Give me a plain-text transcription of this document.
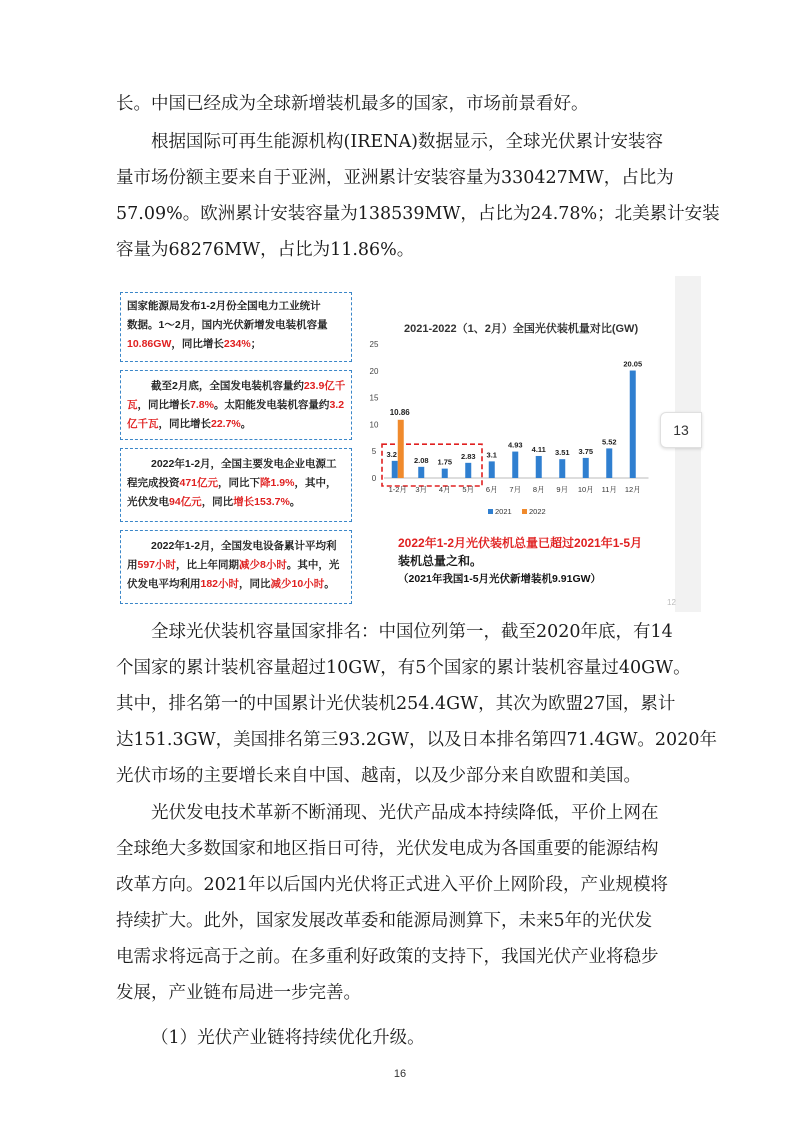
长。中国已经成为全球新增装机最多的国家，市场前景看好。
根据国际可再生能源机构(IRENA)数据显示，全球光伏累计安装容
量市场份额主要来自于亚洲，亚洲累计安装容量为330427MW，占比为
57.09%。欧洲累计安装容量为138539MW，占比为24.78%；北美累计安装
容量为68276MW，占比为11.86%。
13
12
国家能源局发布1-2月份全国电力工业统计
数据。1～2月，国内光伏新增发电装机容量
10.86GW，同比增长234%；
截至2月底，全国发电装机容量约23.9亿千
瓦，同比增长7.8%。太阳能发电装机容量约3.2
亿千瓦，同比增长22.7%。
2022年1-2月，全国主要发电企业电源工
程完成投资471亿元，同比下降1.9%，其中，
光伏发电94亿元，同比增长153.7%。
2022年1-2月，全国发电设备累计平均利
用597小时，比上年同期减少8小时。其中，光
伏发电平均利用182小时，同比减少10小时。
2021-2022（1、2月）全国光伏装机量对比(GW)
0
5
10
15
20
25
3.2
10.86
1-2月
2.08
3月
1.75
4月
2.83
5月
3.1
6月
4.93
7月
4.11
8月
3.51
9月
3.75
10月
5.52
11月
20.05
12月
2021 2022
2022年1-2月光伏装机总量已超过2021年1-5月
装机总量之和。
（2021年我国1-5月光伏新增装机9.91GW）
全球光伏装机容量国家排名：中国位列第一，截至2020年底，有14
个国家的累计装机容量超过10GW，有5个国家的累计装机容量过40GW。
其中，排名第一的中国累计光伏装机254.4GW，其次为欧盟27国，累计
达151.3GW，美国排名第三93.2GW，以及日本排名第四71.4GW。2020年
光伏市场的主要增长来自中国、越南，以及少部分来自欧盟和美国。
光伏发电技术革新不断涌现、光伏产品成本持续降低，平价上网在
全球绝大多数国家和地区指日可待，光伏发电成为各国重要的能源结构
改革方向。2021年以后国内光伏将正式进入平价上网阶段，产业规模将
持续扩大。此外，国家发展改革委和能源局测算下，未来5年的光伏发
电需求将远高于之前。在多重利好政策的支持下，我国光伏产业将稳步
发展，产业链布局进一步完善。
（1）光伏产业链将持续优化升级。
16
